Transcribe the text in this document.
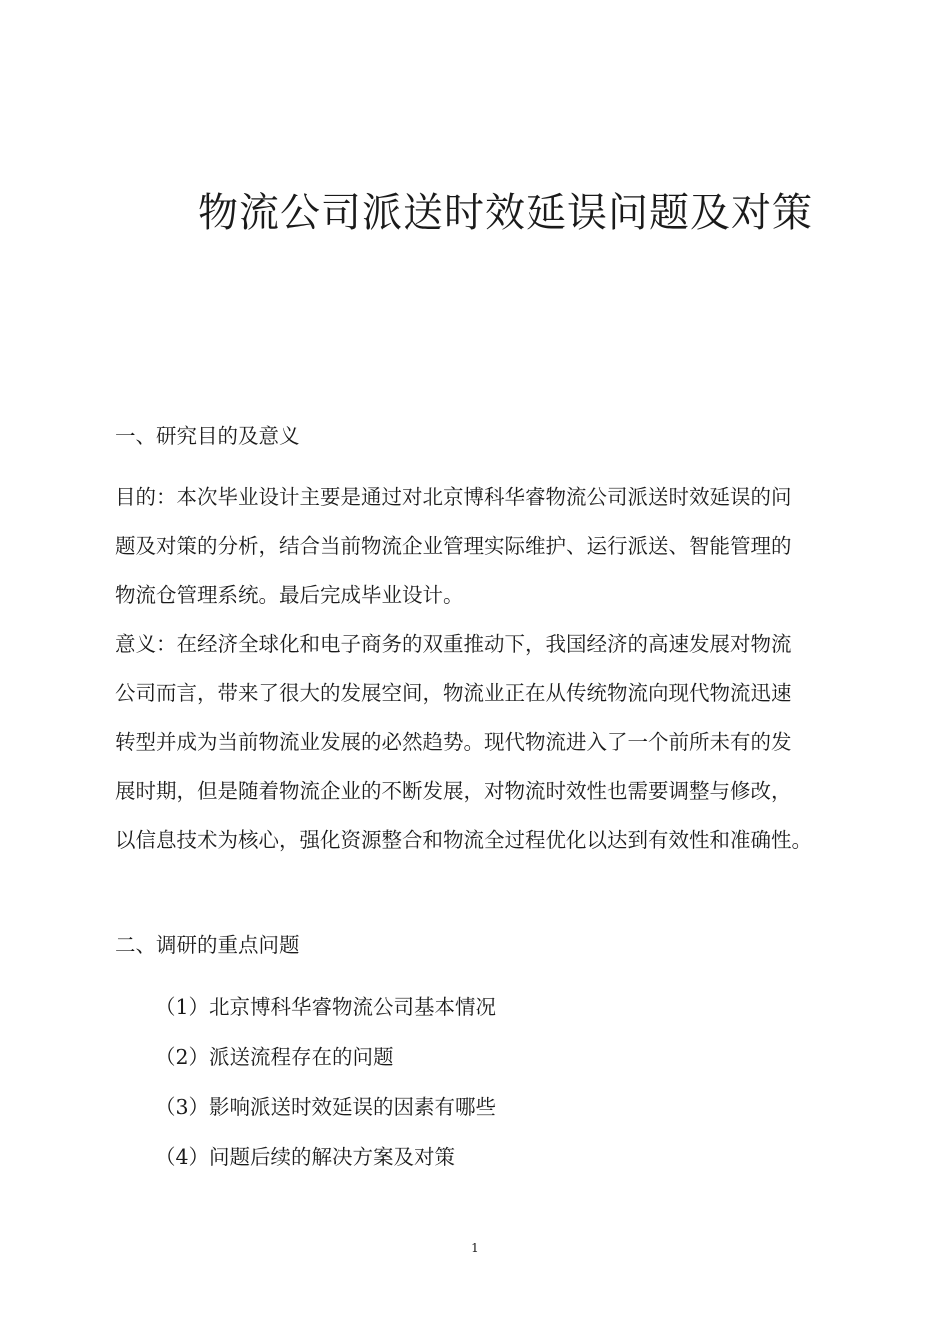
物流公司派送时效延误问题及对策
一、研究目的及意义
目的：本次毕业设计主要是通过对北京博科华睿物流公司派送时效延误的问
题及对策的分析，结合当前物流企业管理实际维护、运行派送、智能管理的
物流仓管理系统。最后完成毕业设计。
意义：在经济全球化和电子商务的双重推动下，我国经济的高速发展对物流
公司而言，带来了很大的发展空间，物流业正在从传统物流向现代物流迅速
转型并成为当前物流业发展的必然趋势。现代物流进入了一个前所未有的发
展时期，但是随着物流企业的不断发展，对物流时效性也需要调整与修改，
以信息技术为核心，强化资源整合和物流全过程优化以达到有效性和准确性。
二、调研的重点问题
（1）北京博科华睿物流公司基本情况
（2）派送流程存在的问题
（3）影响派送时效延误的因素有哪些
（4）问题后续的解决方案及对策
1
